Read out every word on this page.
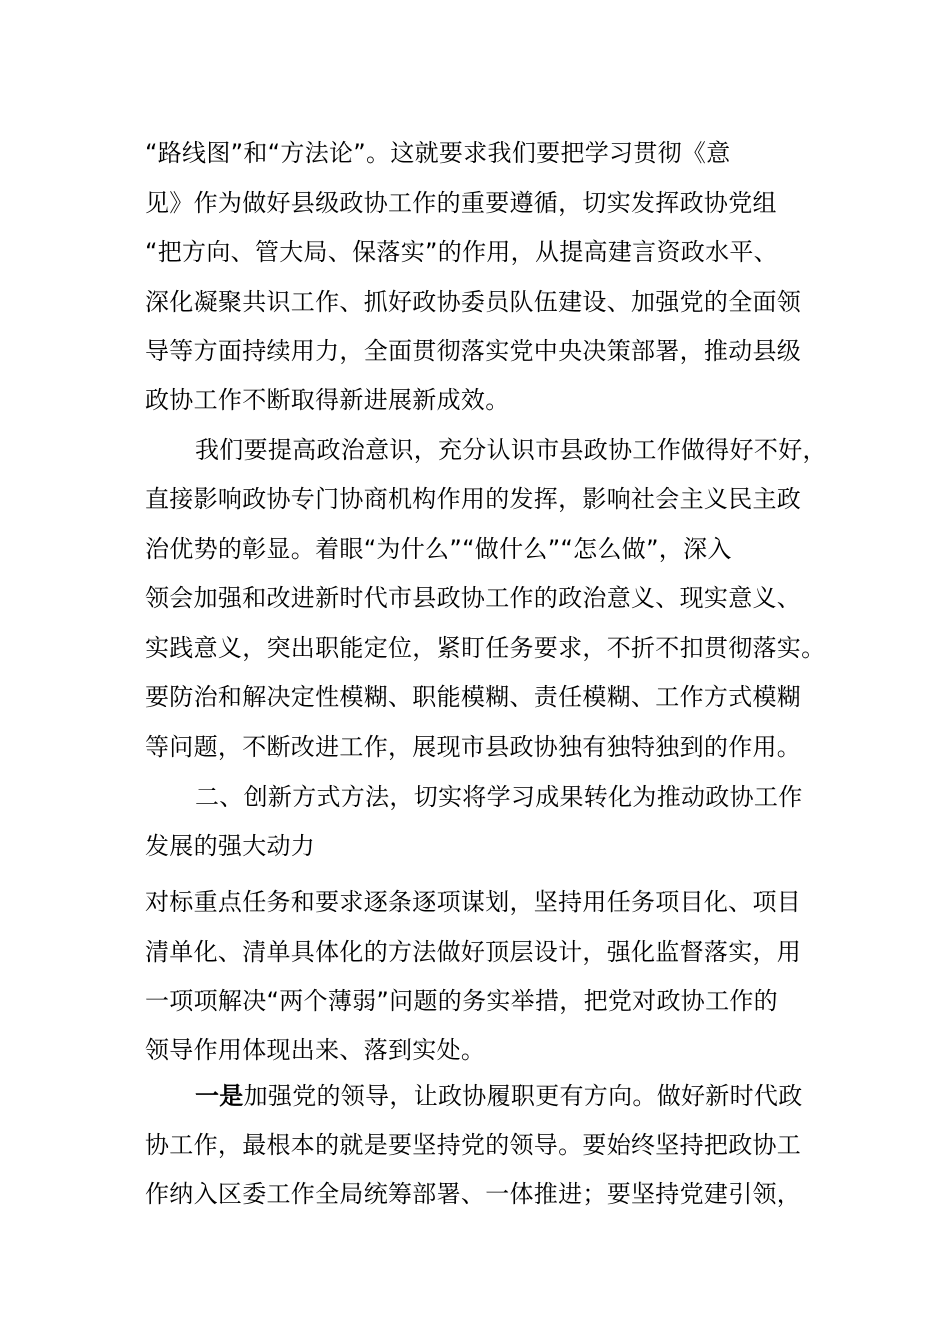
“路线图”和“方法论”。这就要求我们要把学习贯彻《意
见》作为做好县级政协工作的重要遵循，切实发挥政协党组
“把方向、管大局、保落实”的作用，从提高建言资政水平、
深化凝聚共识工作、抓好政协委员队伍建设、加强党的全面领
导等方面持续用力，全面贯彻落实党中央决策部署，推动县级
政协工作不断取得新进展新成效。
我们要提高政治意识，充分认识市县政协工作做得好不好，
直接影响政协专门协商机构作用的发挥，影响社会主义民主政
治优势的彰显。着眼“为什么”“做什么”“怎么做”，深入
领会加强和改进新时代市县政协工作的政治意义、现实意义、
实践意义，突出职能定位，紧盯任务要求，不折不扣贯彻落实。
要防治和解决定性模糊、职能模糊、责任模糊、工作方式模糊
等问题，不断改进工作，展现市县政协独有独特独到的作用。
二、创新方式方法，切实将学习成果转化为推动政协工作
发展的强大动力
对标重点任务和要求逐条逐项谋划，坚持用任务项目化、项目
清单化、清单具体化的方法做好顶层设计，强化监督落实，用
一项项解决“两个薄弱”问题的务实举措，把党对政协工作的
领导作用体现出来、落到实处。
一是加强党的领导，让政协履职更有方向。做好新时代政
协工作，最根本的就是要坚持党的领导。要始终坚持把政协工
作纳入区委工作全局统筹部署、一体推进；要坚持党建引领，
